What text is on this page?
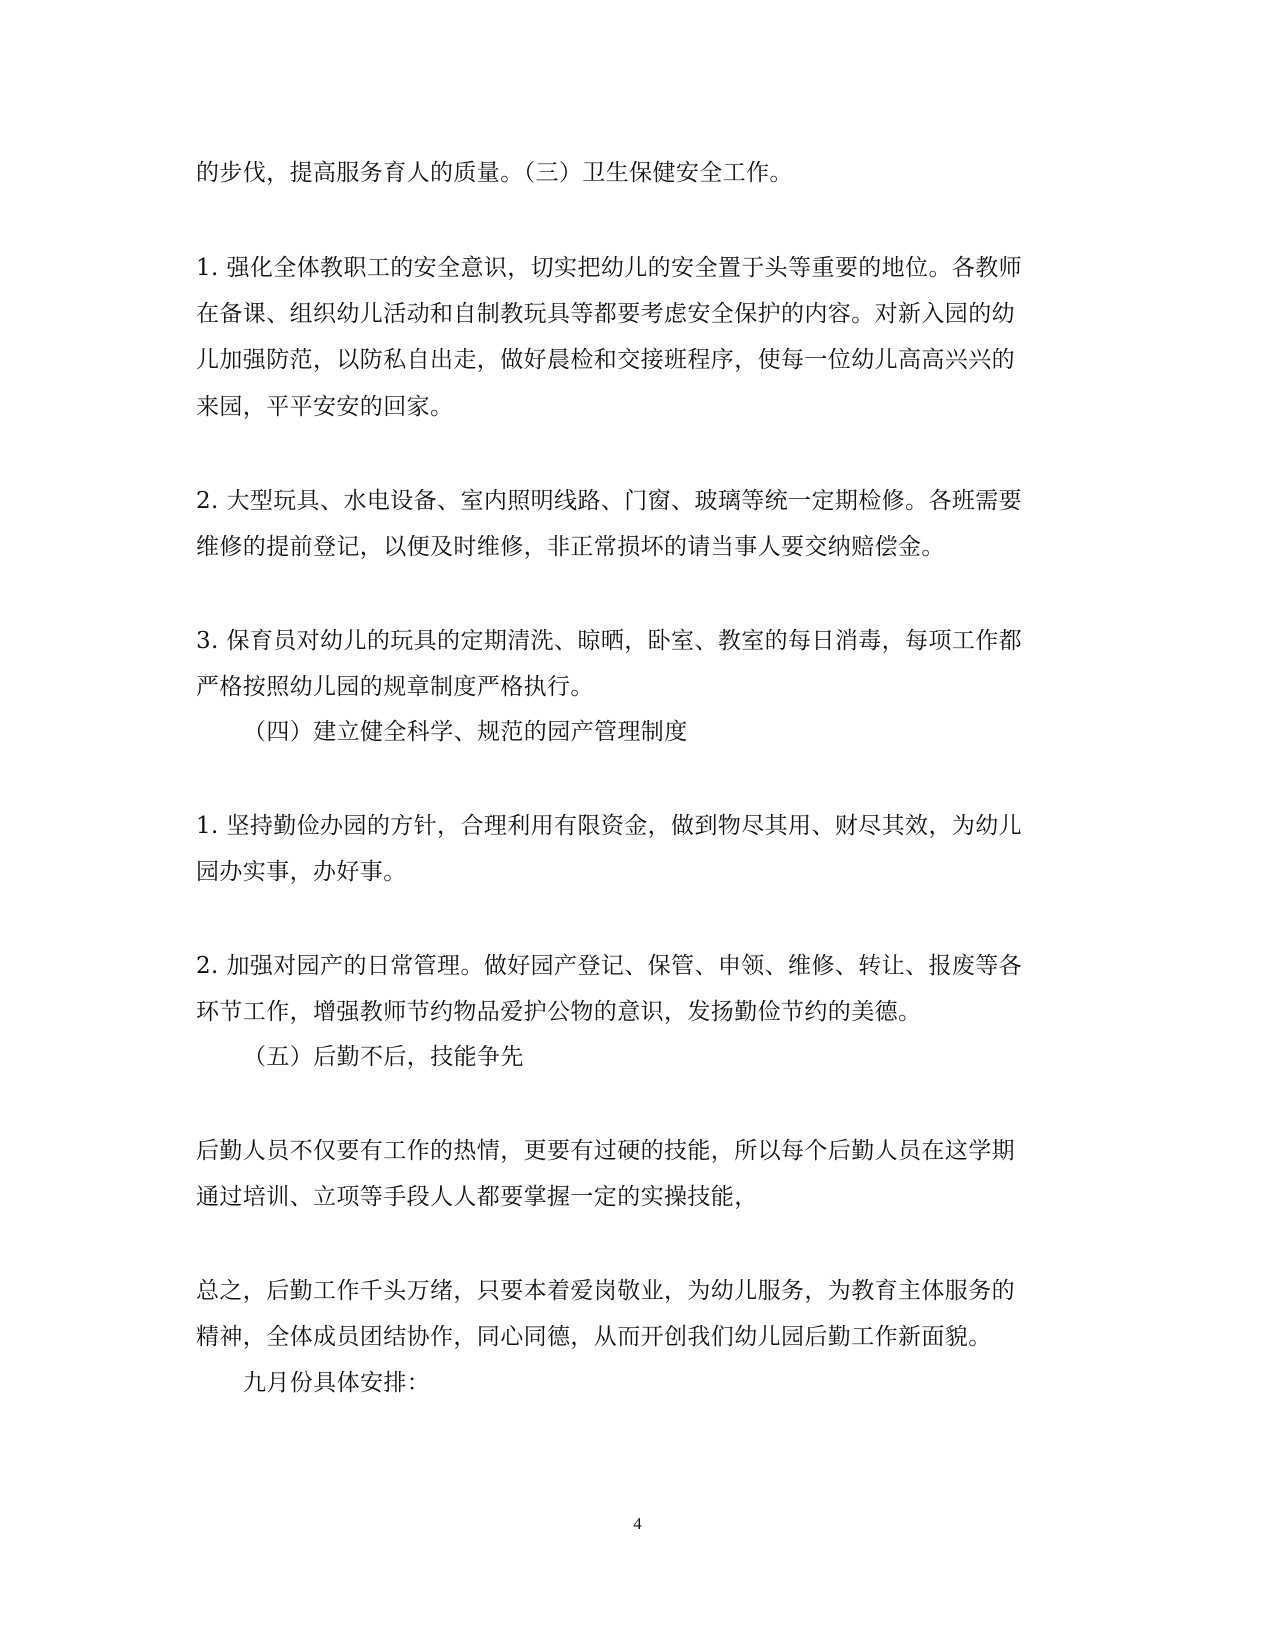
的步伐，提高服务育人的质量。（三）卫生保健安全工作。
1. 强化全体教职工的安全意识，切实把幼儿的安全置于头等重要的地位。各教师
在备课、组织幼儿活动和自制教玩具等都要考虑安全保护的内容。对新入园的幼
儿加强防范，以防私自出走，做好晨检和交接班程序，使每一位幼儿高高兴兴的
来园，平平安安的回家。
2. 大型玩具、水电设备、室内照明线路、门窗、玻璃等统一定期检修。各班需要
维修的提前登记，以便及时维修，非正常损坏的请当事人要交纳赔偿金。
3. 保育员对幼儿的玩具的定期清洗、晾晒，卧室、教室的每日消毒，每项工作都
严格按照幼儿园的规章制度严格执行。
（四）建立健全科学、规范的园产管理制度
1. 坚持勤俭办园的方针，合理利用有限资金，做到物尽其用、财尽其效，为幼儿
园办实事，办好事。
2. 加强对园产的日常管理。做好园产登记、保管、申领、维修、转让、报废等各
环节工作，增强教师节约物品爱护公物的意识，发扬勤俭节约的美德。
（五）后勤不后，技能争先
后勤人员不仅要有工作的热情，更要有过硬的技能，所以每个后勤人员在这学期
通过培训、立项等手段人人都要掌握一定的实操技能，
总之，后勤工作千头万绪，只要本着爱岗敬业，为幼儿服务，为教育主体服务的
精神，全体成员团结协作，同心同德，从而开创我们幼儿园后勤工作新面貌。
九月份具体安排：
4
